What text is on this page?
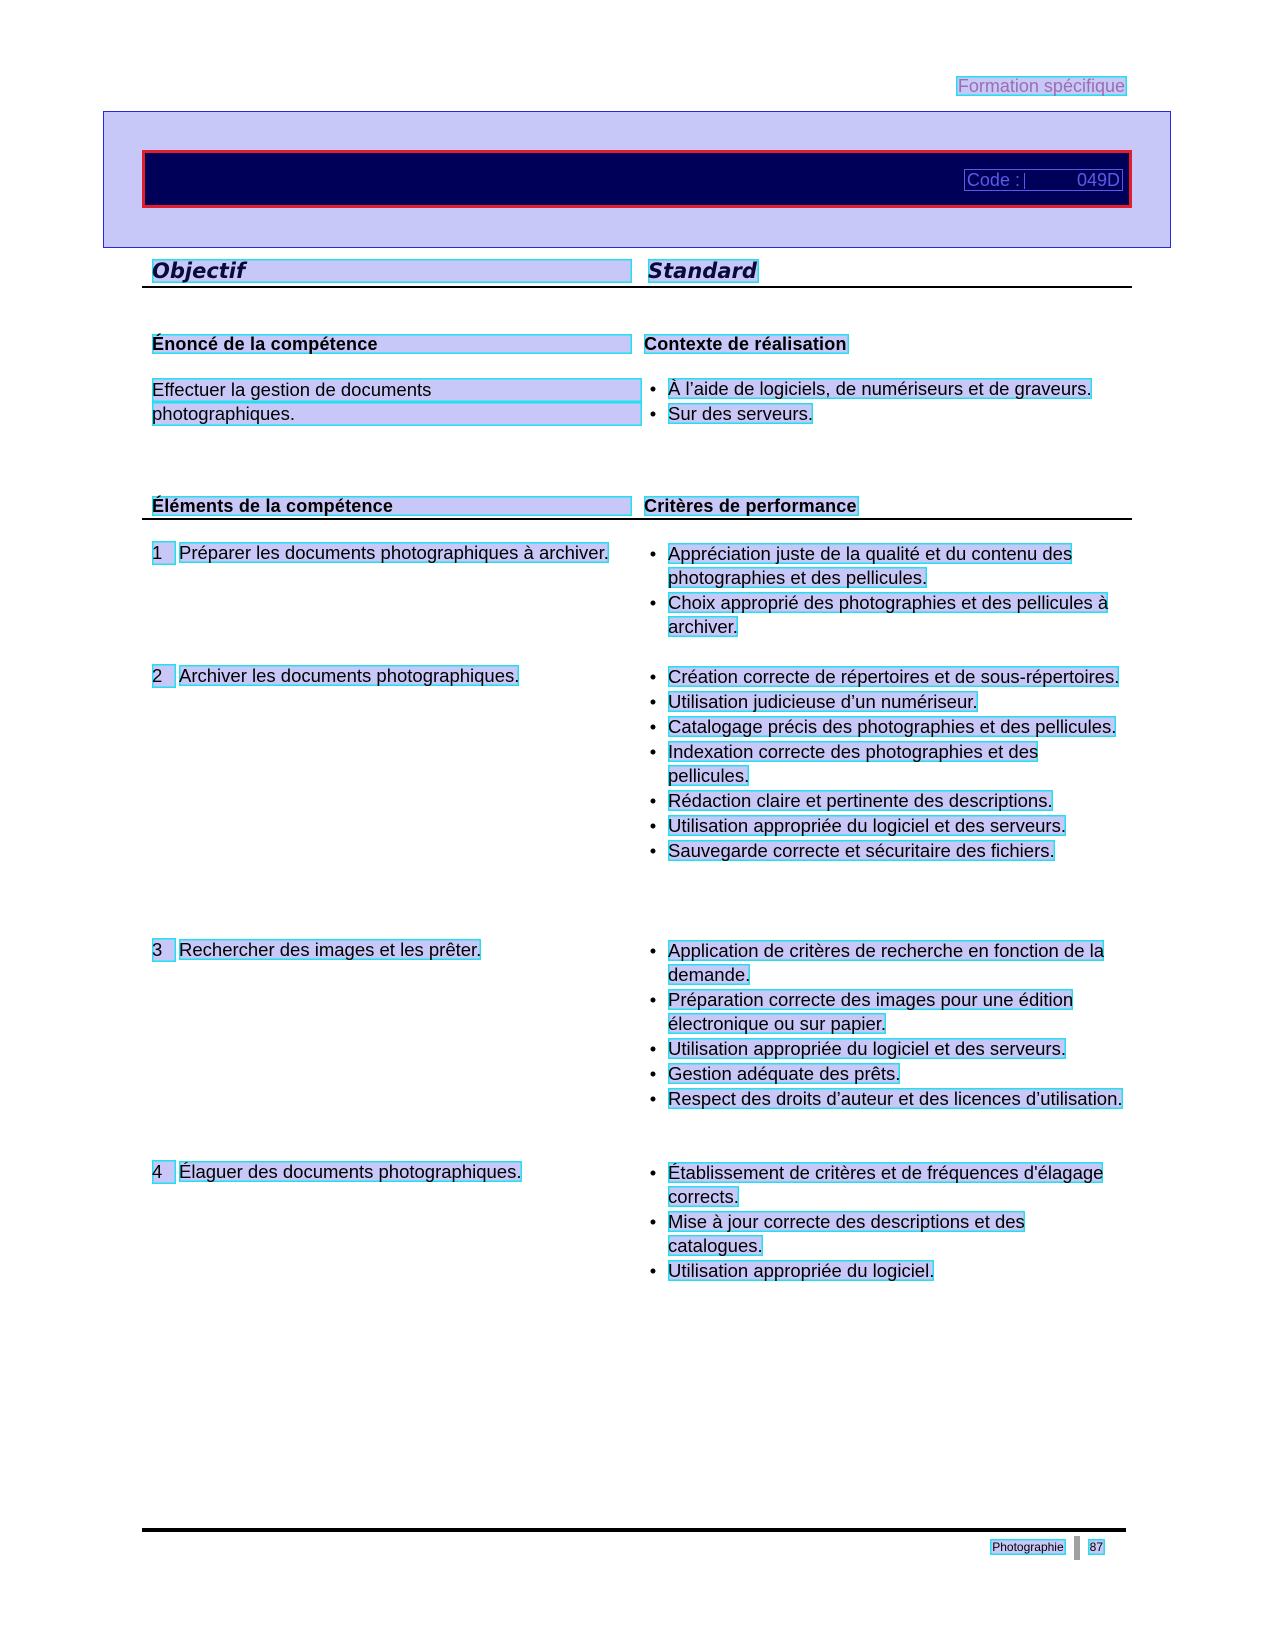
Formation spécifique
Code :	049D
Objectif	Standard
Énoncé de la compétence	Contexte de réalisation
Effectuer la gestion de documents
photographiques.
• À l’aide de logiciels, de numériseurs et de graveurs.
• Sur des serveurs.
Éléments de la compétence	Critères de performance
1 Préparer les documents photographiques à archiver.	• Appréciation juste de la qualité et du contenu des photographies et des pellicules.
• Choix approprié des photographies et des pellicules à archiver.
2 Archiver les documents photographiques.	• Création correcte de répertoires et de sous-répertoires.
• Utilisation judicieuse d’un numériseur.
• Catalogage précis des photographies et des pellicules.
• Indexation correcte des photographies et des pellicules.
• Rédaction claire et pertinente des descriptions.
• Utilisation appropriée du logiciel et des serveurs.
• Sauvegarde correcte et sécuritaire des fichiers.
3 Rechercher des images et les prêter.	• Application de critères de recherche en fonction de la demande.
• Préparation correcte des images pour une édition électronique ou sur papier.
• Utilisation appropriée du logiciel et des serveurs.
• Gestion adéquate des prêts.
• Respect des droits d’auteur et des licences d’utilisation.
4 Élaguer des documents photographiques.	• Établissement de critères et de fréquences d'élagage corrects.
• Mise à jour correcte des descriptions et des catalogues.
• Utilisation appropriée du logiciel.
Photographie 87
